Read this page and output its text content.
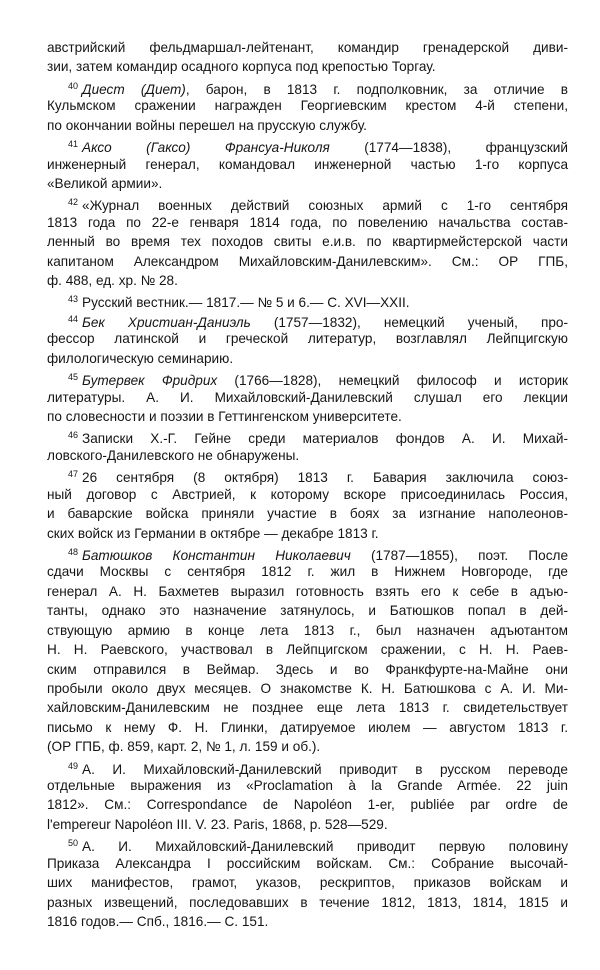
австрийский фельдмаршал-лейтенант, командир гренадерской диви-
зии, затем командир осадного корпуса под крепостью Торгау.
$^{40}$ Диест (Диет), барон, в 1813 г. подполковник, за отличие в
Кульмском сражении награжден Георгиевским крестом 4-й степени,
по окончании войны перешел на прусскую службу.
$^{41}$ Аксо (Гаксо) Франсуа-Николя (1774—1838), французский
инженерный генерал, командовал инженерной частью 1-го корпуса
«Великой армии».
$^{42}$ «Журнал военных действий союзных армий с 1-го сентября
1813 года по 22-е генваря 1814 года, по повелению начальства состав-
ленный во время тех походов свиты е.и.в. по квартирмейстерской части
капитаном Александром Михайловским-Данилевским». См.: ОР ГПБ,
ф. 488, ед. хр. № 28.
$^{43}$ Русский вестник.— 1817.— № 5 и 6.— С. XVI—XXII.
$^{44}$ Бек Христиан-Даниэль (1757—1832), немецкий ученый, про-
фессор латинской и греческой литератур, возглавлял Лейпцигскую
филологическую семинарию.
$^{45}$ Бутервек Фридрих (1766—1828), немецкий философ и историк
литературы. А. И. Михайловский-Данилевский слушал его лекции
по словесности и поэзии в Геттингенском университете.
$^{46}$ Записки Х.-Г. Гейне среди материалов фондов А. И. Михай-
ловского-Данилевского не обнаружены.
$^{47}$ 26 сентября (8 октября) 1813 г. Бавария заключила союз-
ный договор с Австрией, к которому вскоре присоединилась Россия,
и баварские войска приняли участие в боях за изгнание наполеонов-
ских войск из Германии в октябре — декабре 1813 г.
$^{48}$ Батюшков Константин Николаевич (1787—1855), поэт. После
сдачи Москвы с сентября 1812 г. жил в Нижнем Новгороде, где
генерал А. Н. Бахметев выразил готовность взять его к себе в адъю-
танты, однако это назначение затянулось, и Батюшков попал в дей-
ствующую армию в конце лета 1813 г., был назначен адъютантом
Н. Н. Раевского, участвовал в Лейпцигском сражении, с Н. Н. Раев-
ским отправился в Веймар. Здесь и во Франкфурте-на-Майне они
пробыли около двух месяцев. О знакомстве К. Н. Батюшкова с А. И. Ми-
хайловским-Данилевским не позднее еще лета 1813 г. свидетельствует
письмо к нему Ф. Н. Глинки, датируемое июлем — августом 1813 г.
(ОР ГПБ, ф. 859, карт. 2, № 1, л. 159 и об.).
$^{49}$ А. И. Михайловский-Данилевский приводит в русском переводе
отдельные выражения из «Proclamation à la Grande Armée. 22 juin
1812». См.: Correspondance de Napoléon 1-er, publiée par ordre de
l'empereur Napoléon III. V. 23. Paris, 1868, p. 528—529.
$^{50}$ А. И. Михайловский-Данилевский приводит первую половину
Приказа Александра I российским войскам. См.: Собрание высочай-
ших манифестов, грамот, указов, рескриптов, приказов войскам и
разных извещений, последовавших в течение 1812, 1813, 1814, 1815 и
1816 годов.— Спб., 1816.— С. 151.
